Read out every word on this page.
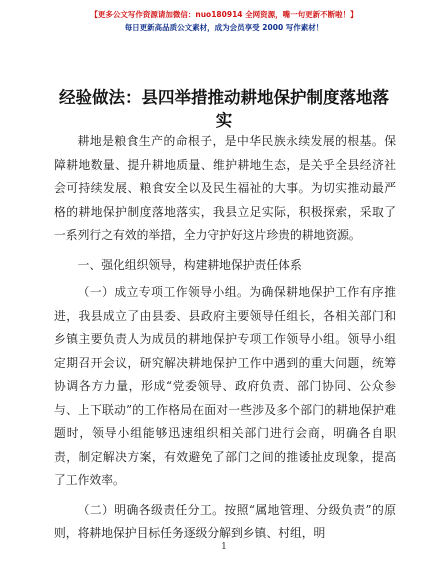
【更多公文写作资源请加微信：nuo180914 全网资源，嘴一句更新不断啦！】
每日更新高品质公文素材，成为会员享受 2000 写作素材！
经验做法：县四举措推动耕地保护制度落地落实

耕地是粮食生产的命根子，是中华民族永续发展的根基。保障耕地数量、提升耕地质量、维护耕地生态，是关乎全县经济社会可持续发展、粮食安全以及民生福祉的大事。为切实推动最严格的耕地保护制度落地落实，我县立足实际，积极探索，采取了一系列行之有效的举措，全力守护好这片珍贵的耕地资源。

一、强化组织领导，构建耕地保护责任体系

（一）成立专项工作领导小组。为确保耕地保护工作有序推进，我县成立了由县委、县政府主要领导任组长，各相关部门和乡镇主要负责人为成员的耕地保护专项工作领导小组。领导小组定期召开会议，研究解决耕地保护工作中遇到的重大问题，统筹协调各方力量，形成“党委领导、政府负责、部门协同、公众参与、上下联动”的工作格局在面对一些涉及多个部门的耕地保护难题时，领导小组能够迅速组织相关部门进行会商，明确各自职责，制定解决方案，有效避免了部门之间的推诿扯皮现象，提高了工作效率。

（二）明确各级责任分工。按照“属地管理、分级负责”的原则，将耕地保护目标任务逐级分解到乡镇、村组，明

1
